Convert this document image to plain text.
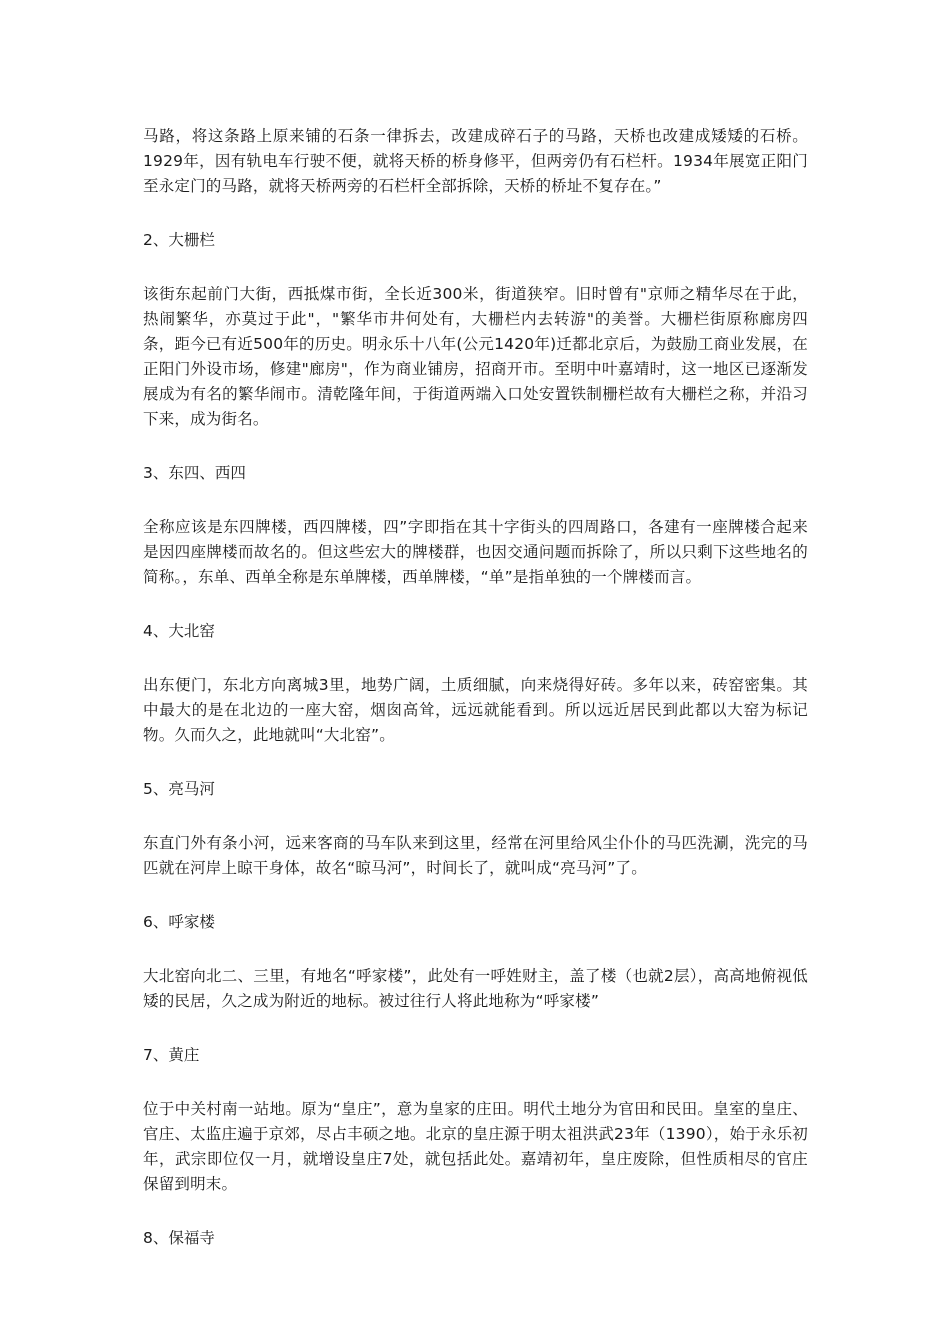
马路，将这条路上原来铺的石条一律拆去，改建成碎石子的马路，天桥也改建成矮矮的石桥。1929年，因有轨电车行驶不便，就将天桥的桥身修平，但两旁仍有石栏杆。1934年展宽正阳门至永定门的马路，就将天桥两旁的石栏杆全部拆除，天桥的桥址不复存在。”

2、大栅栏

该街东起前门大街，西抵煤市街，全长近300米，街道狭窄。旧时曾有"京师之精华尽在于此，热闹繁华，亦莫过于此"，"繁华市井何处有，大栅栏内去转游"的美誉。大栅栏街原称廊房四条，距今已有近500年的历史。明永乐十八年(公元1420年)迁都北京后，为鼓励工商业发展，在正阳门外设市场，修建"廊房"，作为商业铺房，招商开市。至明中叶嘉靖时，这一地区已逐渐发展成为有名的繁华闹市。清乾隆年间，于街道两端入口处安置铁制栅栏故有大栅栏之称，并沿习下来，成为街名。

3、东四、西四

全称应该是东四牌楼，西四牌楼，四”字即指在其十字街头的四周路口，各建有一座牌楼合起来是因四座牌楼而故名的。但这些宏大的牌楼群，也因交通问题而拆除了，所以只剩下这些地名的简称。，东单、西单全称是东单牌楼，西单牌楼，“单”是指单独的一个牌楼而言。

4、大北窑

出东便门，东北方向离城3里，地势广阔，土质细腻，向来烧得好砖。多年以来，砖窑密集。其中最大的是在北边的一座大窑，烟囱高耸，远远就能看到。所以远近居民到此都以大窑为标记物。久而久之，此地就叫“大北窑”。

5、亮马河

东直门外有条小河，远来客商的马车队来到这里，经常在河里给风尘仆仆的马匹洗涮，洗完的马匹就在河岸上晾干身体，故名“晾马河”，时间长了，就叫成“亮马河”了。

6、呼家楼

大北窑向北二、三里，有地名“呼家楼”，此处有一呼姓财主，盖了楼（也就2层），高高地俯视低矮的民居，久之成为附近的地标。被过往行人将此地称为“呼家楼”

7、黄庄

位于中关村南一站地。原为“皇庄”，意为皇家的庄田。明代土地分为官田和民田。皇室的皇庄、官庄、太监庄遍于京郊，尽占丰硕之地。北京的皇庄源于明太祖洪武23年（1390），始于永乐初年，武宗即位仅一月，就增设皇庄7处，就包括此处。嘉靖初年，皇庄废除，但性质相尽的官庄保留到明末。

8、保福寺
